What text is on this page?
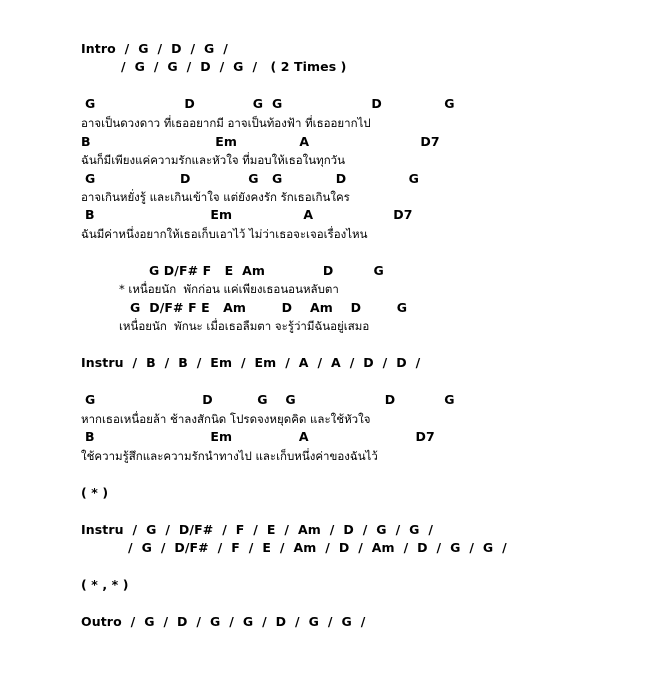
Intro  /  G  /  D  /  G  /
/  G  /  G  /  D  /  G  /   ( 2 Times )
G                    D             G  G                    D              G
อาจเป็นดวงดาว ที่เธออยากมี อาจเป็นท้องฟ้า ที่เธออยากไป
B                            Em              A                         D7
ฉันก็มีเพียงแค่ความรักและหัวใจ ที่มอบให้เธอในทุกวัน
G                   D             G   G            D              G
อาจเกินหยั่งรู้ และเกินเข้าใจ แต่ยังคงรัก รักเธอเกินใคร
B                          Em                A                  D7
ฉันมีค่าหนึ่งอยากให้เธอเก็บเอาไว้ ไม่ว่าเธอจะเจอเรื่องไหน
G D/F# F   E  Am             D         G
* เหนื่อยนัก  พักก่อน แค่เพียงเธอนอนหลับตา
G  D/F# F E   Am        D    Am    D        G
เหนื่อยนัก  พักนะ เมื่อเธอลืมตา จะรู้ว่ามีฉันอยู่เสมอ
Instru  /  B  /  B  /  Em  /  Em  /  A  /  A  /  D  /  D  /
G                        D          G    G                    D           G
หากเธอเหนื่อยล้า ช้าลงสักนิด โปรดจงหยุดคิด และใช้หัวใจ
B                          Em               A                        D7
ใช้ความรู้สึกและความรักนำทางไป และเก็บหนึ่งค่าของฉันไว้
( * )
Instru  /  G  /  D/F#  /  F  /  E  /  Am  /  D  /  G  /  G  /
/  G  /  D/F#  /  F  /  E  /  Am  /  D  /  Am  /  D  /  G  /  G  /
( * , * )
Outro  /  G  /  D  /  G  /  G  /  D  /  G  /  G  /
